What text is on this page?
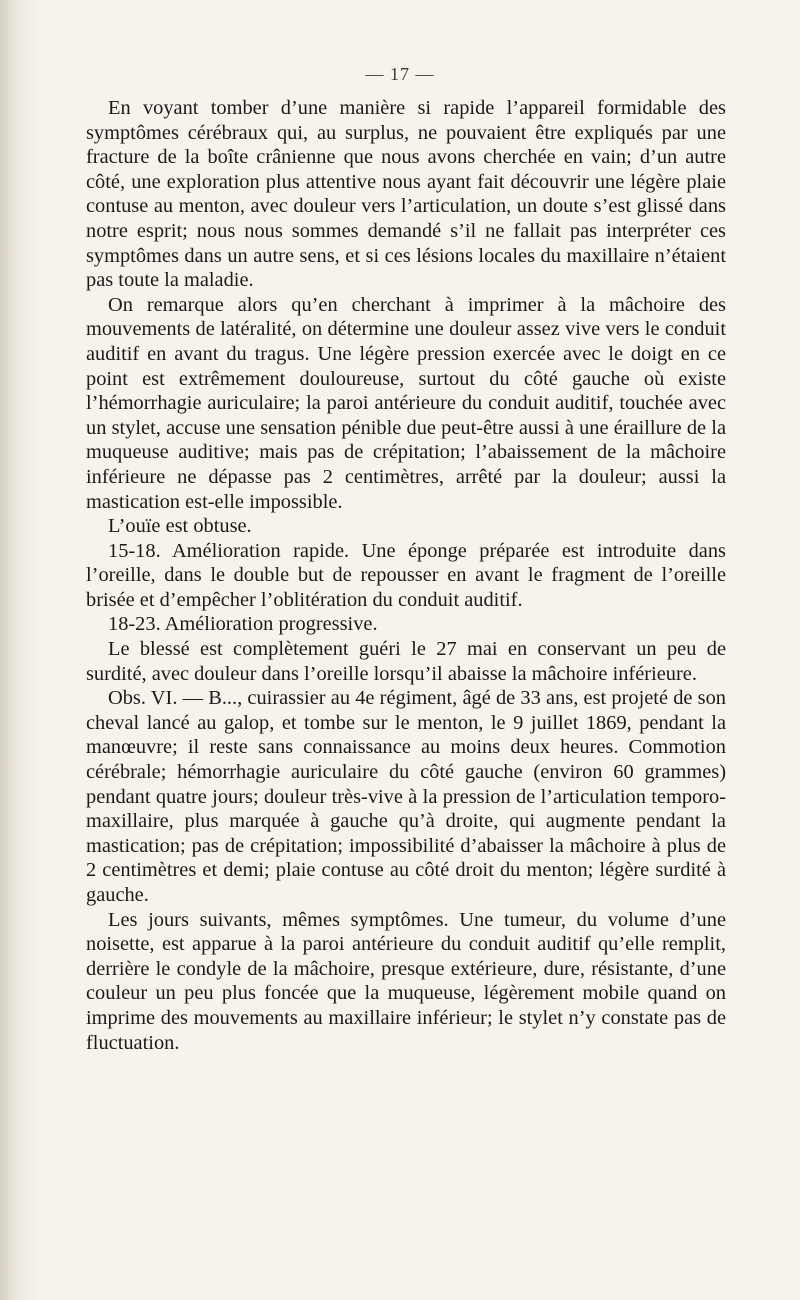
— 17 —

En voyant tomber d’une manière si rapide l’appareil formidable des symptômes cérébraux qui, au surplus, ne pouvaient être expliqués par une fracture de la boîte crânienne que nous avons cherchée en vain; d’un autre côté, une exploration plus attentive nous ayant fait découvrir une légère plaie contuse au menton, avec douleur vers l’articulation, un doute s’est glissé dans notre esprit; nous nous sommes demandé s’il ne fallait pas interpréter ces symptômes dans un autre sens, et si ces lésions locales du maxillaire n’étaient pas toute la maladie.

On remarque alors qu’en cherchant à imprimer à la mâchoire des mouvements de latéralité, on détermine une douleur assez vive vers le conduit auditif en avant du tragus. Une légère pression exercée avec le doigt en ce point est extrêmement douloureuse, surtout du côté gauche où existe l’hémorrhagie auriculaire; la paroi antérieure du conduit auditif, touchée avec un stylet, accuse une sensation pénible due peut-être aussi à une éraillure de la muqueuse auditive; mais pas de crépitation; l’abaissement de la mâchoire inférieure ne dépasse pas 2 centimètres, arrêté par la douleur; aussi la mastication est-elle impossible.

L’ouïe est obtuse.

15-18. Amélioration rapide. Une éponge préparée est introduite dans l’oreille, dans le double but de repousser en avant le fragment de l’oreille brisée et d’empêcher l’oblitération du conduit auditif.

18-23. Amélioration progressive.

Le blessé est complètement guéri le 27 mai en conservant un peu de surdité, avec douleur dans l’oreille lorsqu’il abaisse la mâchoire inférieure.

Obs. VI. — B..., cuirassier au 4e régiment, âgé de 33 ans, est projeté de son cheval lancé au galop, et tombe sur le menton, le 9 juillet 1869, pendant la manœuvre; il reste sans connaissance au moins deux heures. Commotion cérébrale; hémorrhagie auriculaire du côté gauche (environ 60 grammes) pendant quatre jours; douleur très-vive à la pression de l’articulation temporo-maxillaire, plus marquée à gauche qu’à droite, qui augmente pendant la mastication; pas de crépitation; impossibilité d’abaisser la mâchoire à plus de 2 centimètres et demi; plaie contuse au côté droit du menton; légère surdité à gauche.

Les jours suivants, mêmes symptômes. Une tumeur, du volume d’une noisette, est apparue à la paroi antérieure du conduit auditif qu’elle remplit, derrière le condyle de la mâchoire, presque extérieure, dure, résistante, d’une couleur un peu plus foncée que la muqueuse, légèrement mobile quand on imprime des mouvements au maxillaire inférieur; le stylet n’y constate pas de fluctuation.
